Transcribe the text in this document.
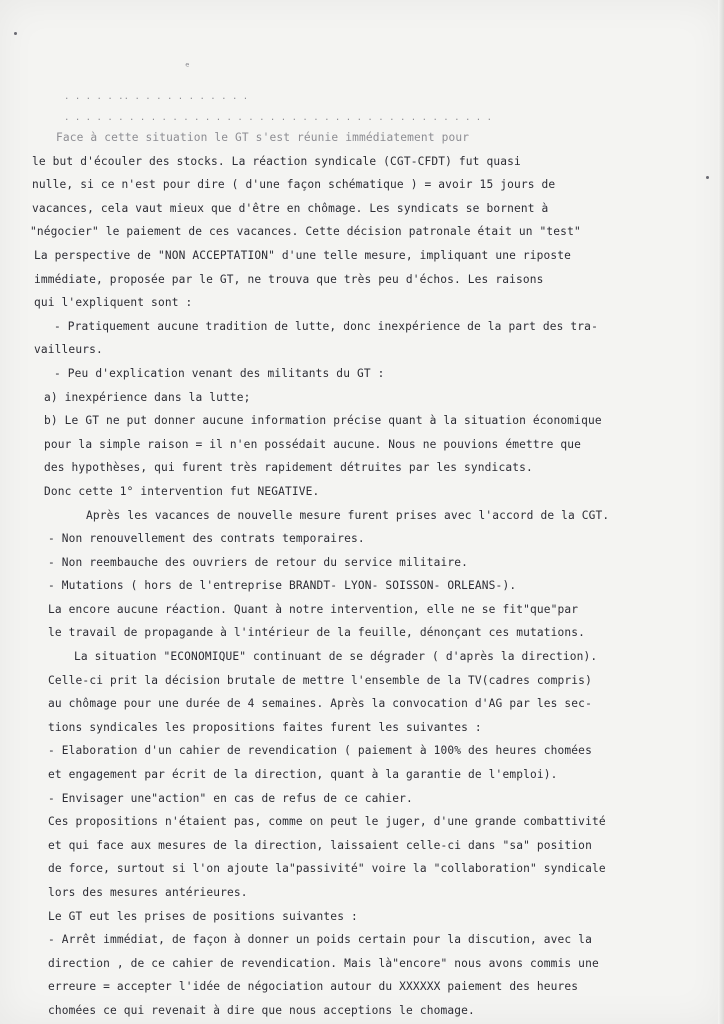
ᵉ
. . . . . .. . . . . . . . . . . .
. . . . . . . . . . . . . . . . . . . . . . . . . . . . . . . . . . . . . . . .
Face à cette situation le GT s'est réunie immédiatement pour
le but d'écouler des stocks. La réaction syndicale (CGT-CFDT) fut quasi
nulle, si ce n'est pour dire ( d'une façon schématique ) = avoir 15 jours de
vacances, cela vaut mieux que d'être en chômage. Les syndicats se bornent à
"négocier" le paiement de ces vacances. Cette décision patronale était un "test"
La perspective de "NON ACCEPTATION" d'une telle mesure, impliquant une riposte
immédiate, proposée par le GT, ne trouva que très peu d'échos. Les raisons
qui l'expliquent sont :
- Pratiquement aucune tradition de lutte, donc inexpérience de la part des tra-
vailleurs.
- Peu d'explication venant des militants du GT :
a) inexpérience dans la lutte;
b) Le GT ne put donner aucune information précise quant à la situation économique
pour la simple raison = il n'en possédait aucune. Nous ne pouvions émettre que
des hypothèses, qui furent très rapidement détruites par les syndicats.
Donc cette 1° intervention fut NEGATIVE.
Après les vacances de nouvelle mesure furent prises avec l'accord de la CGT.
- Non renouvellement des contrats temporaires.
- Non reembauche des ouvriers de retour du service militaire.
- Mutations ( hors de l'entreprise BRANDT- LYON- SOISSON- ORLEANS-).
La encore aucune réaction. Quant à notre intervention, elle ne se fit"que"par
le travail de propagande à l'intérieur de la feuille, dénonçant ces mutations.
La situation "ECONOMIQUE" continuant de se dégrader ( d'après la direction).
Celle-ci prit la décision brutale de mettre l'ensemble de la TV(cadres compris)
au chômage pour une durée de 4 semaines. Après la convocation d'AG par les sec-
tions syndicales les propositions faites furent les suivantes :
- Elaboration d'un cahier de revendication ( paiement à 100% des heures chomées
et engagement par écrit de la direction, quant à la garantie de l'emploi).
- Envisager une"action" en cas de refus de ce cahier.
Ces propositions n'étaient pas, comme on peut le juger, d'une grande combattivité
et qui face aux mesures de la direction, laissaient celle-ci dans "sa" position
de force, surtout si l'on ajoute la"passivité" voire la "collaboration" syndicale
lors des mesures antérieures.
Le GT eut les prises de positions suivantes :
- Arrêt immédiat, de façon à donner un poids certain pour la discution, avec la
direction , de ce cahier de revendication. Mais là"encore" nous avons commis une
erreure = accepter l'idée de négociation autour du XXXXXX paiement des heures
chomées ce qui revenait à dire que nous acceptions le chomage.
